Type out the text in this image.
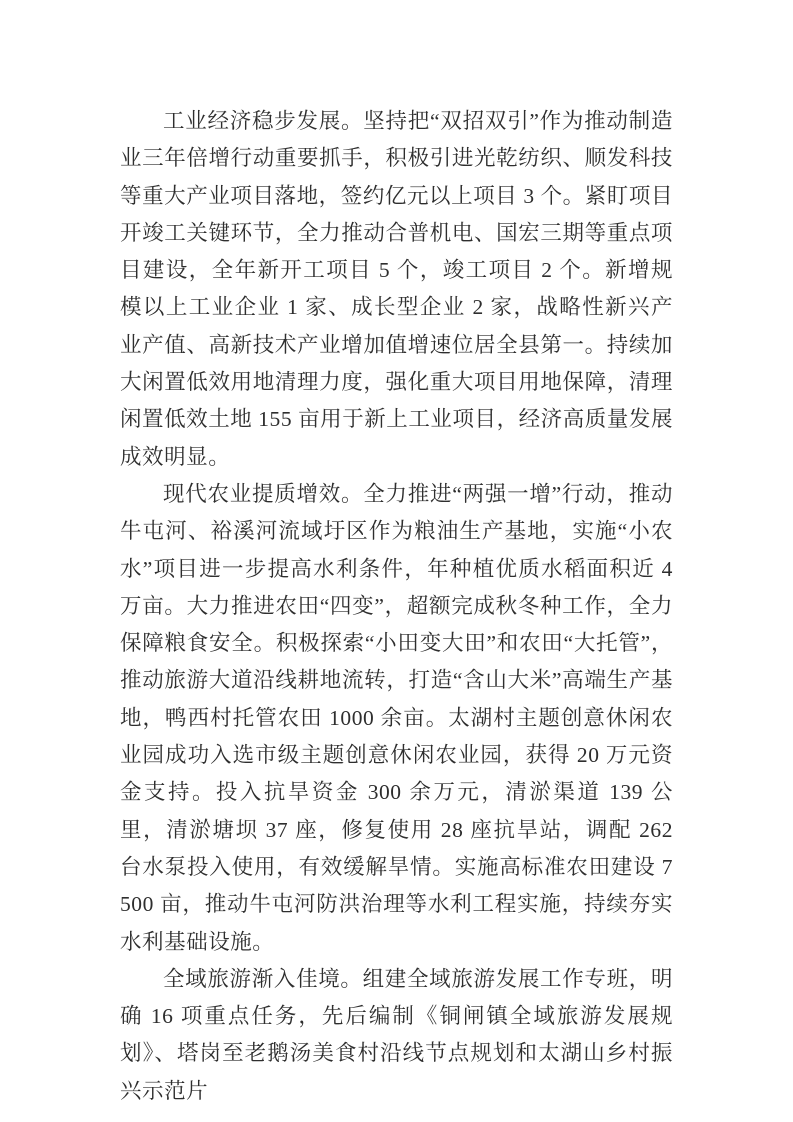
工业经济稳步发展。坚持把“双招双引”作为推动制造业三年倍增行动重要抓手，积极引进光乾纺织、顺发科技等重大产业项目落地，签约亿元以上项目 3 个。紧盯项目开竣工关键环节，全力推动合普机电、国宏三期等重点项目建设，全年新开工项目 5 个，竣工项目 2 个。新增规模以上工业企业 1 家、成长型企业 2 家，战略性新兴产业产值、高新技术产业增加值增速位居全县第一。持续加大闲置低效用地清理力度，强化重大项目用地保障，清理闲置低效土地 155 亩用于新上工业项目，经济高质量发展成效明显。

现代农业提质增效。全力推进“两强一增”行动，推动牛屯河、裕溪河流域圩区作为粮油生产基地，实施“小农水”项目进一步提高水利条件，年种植优质水稻面积近 4 万亩。大力推进农田“四变”，超额完成秋冬种工作，全力保障粮食安全。积极探索“小田变大田”和农田“大托管”，推动旅游大道沿线耕地流转，打造“含山大米”高端生产基地，鸭西村托管农田 1000 余亩。太湖村主题创意休闲农业园成功入选市级主题创意休闲农业园，获得 20 万元资金支持。投入抗旱资金 300 余万元，清淤渠道 139 公里，清淤塘坝 37 座，修复使用 28 座抗旱站，调配 262 台水泵投入使用，有效缓解旱情。实施高标准农田建设 7500 亩，推动牛屯河防洪治理等水利工程实施，持续夯实水利基础设施。

全域旅游渐入佳境。组建全域旅游发展工作专班，明确 16 项重点任务，先后编制《铜闸镇全域旅游发展规划》、塔岗至老鹅汤美食村沿线节点规划和太湖山乡村振兴示范片
